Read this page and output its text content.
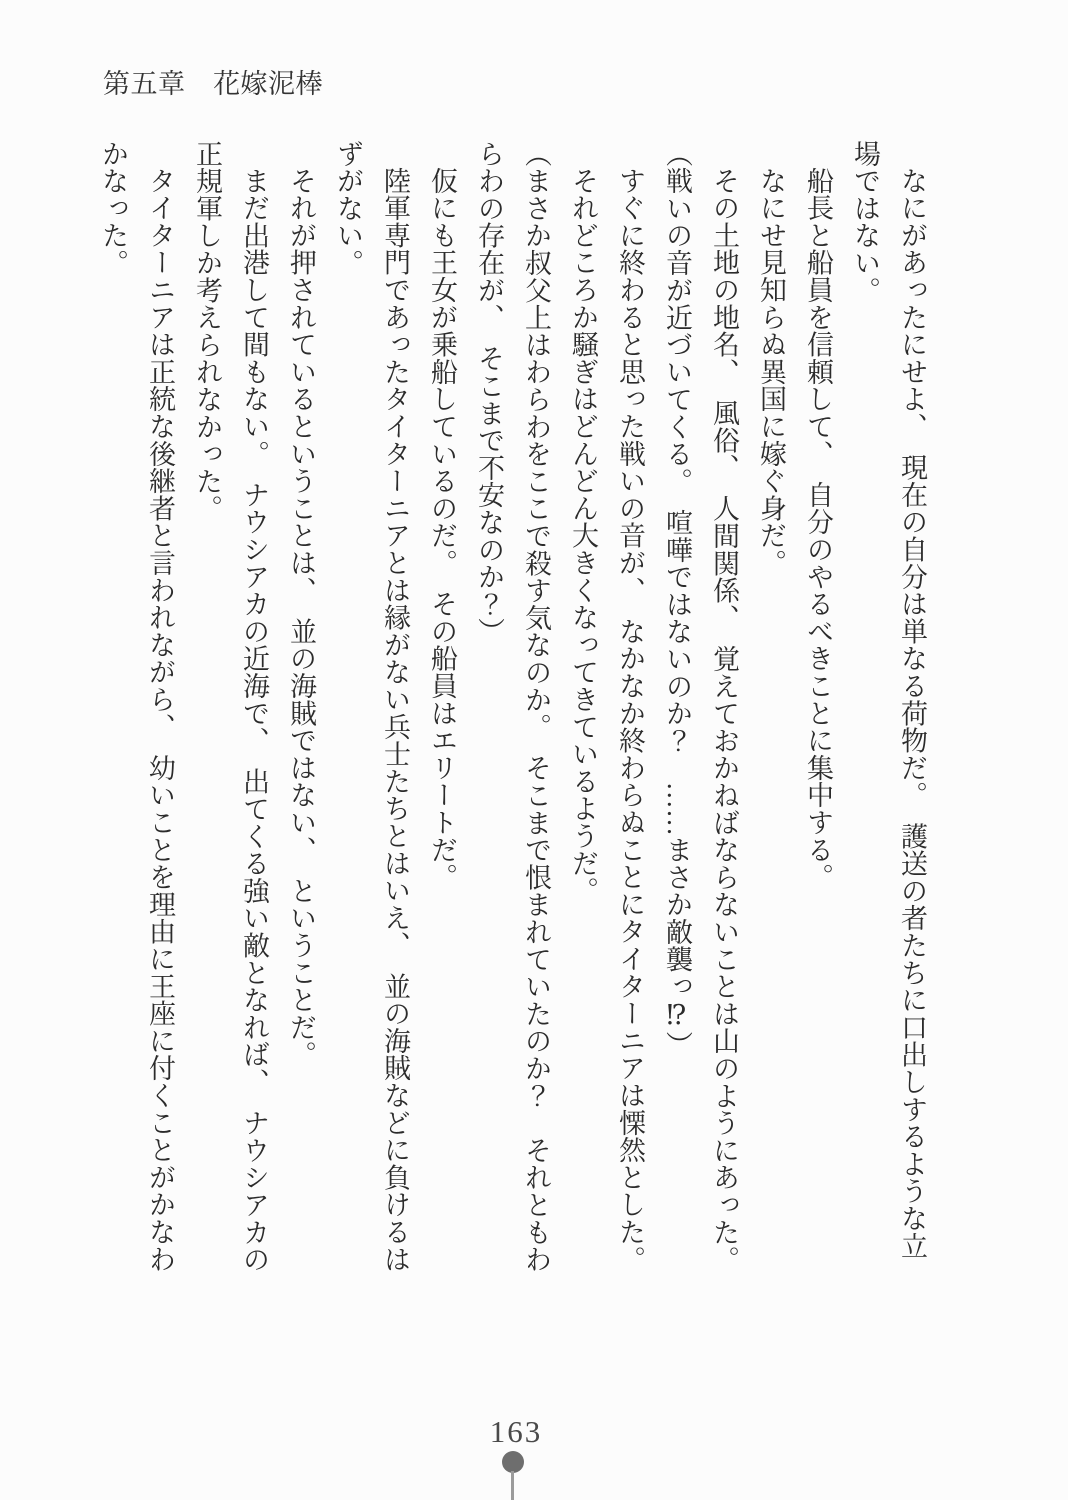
第五章　花嫁泥棒

なにがあったにせよ、　現在の自分は単なる荷物だ。　護送の者たちに口出しするような立場ではない。

船長と船員を信頼して、　自分のやるべきことに集中する。

なにせ見知らぬ異国に嫁ぐ身だ。

その土地の地名、　風俗、　人間関係、　覚えておかねばならないことは山のようにあった。

（戦いの音が近づいてくる。　喧嘩ではないのか？　……まさか敵襲っ⁉）

すぐに終わると思った戦いの音が、　なかなか終わらぬことにタイターニアは慄然とした。

それどころか騒ぎはどんどん大きくなってきているようだ。

（まさか叔父上はわらわをここで殺す気なのか。　そこまで恨まれていたのか？　それともわらわの存在が、　そこまで不安なのか？）

仮にも王女が乗船しているのだ。　その船員はエリートだ。

陸軍専門であったタイターニアとは縁がない兵士たちとはいえ、　並の海賊などに負けるはずがない。

それが押されているということは、　並の海賊ではない、　ということだ。

まだ出港して間もない。　ナウシアカの近海で、　出てくる強い敵となれば、　ナウシアカの正規軍しか考えられなかった。

タイターニアは正統な後継者と言われながら、　幼いことを理由に王座に付くことがかなわかなった。

163
